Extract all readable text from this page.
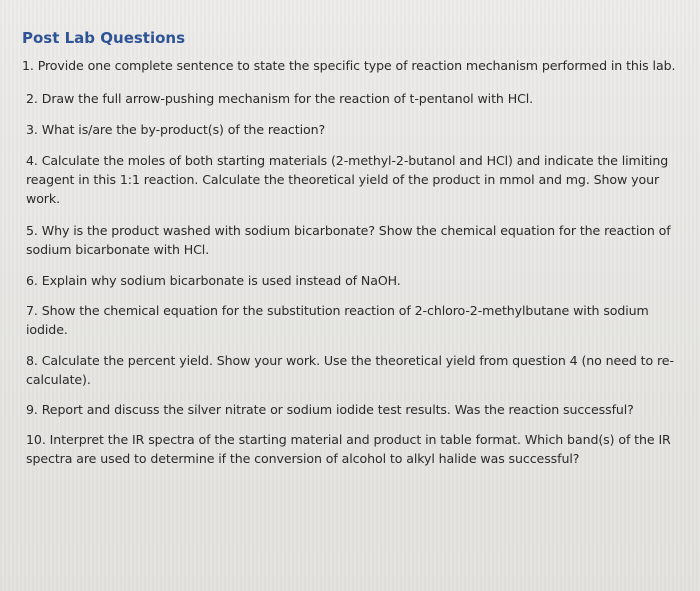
Post Lab Questions
1. Provide one complete sentence to state the specific type of reaction mechanism performed in this lab.
2. Draw the full arrow-pushing mechanism for the reaction of t-pentanol with HCl.
3. What is/are the by-product(s) of the reaction?
4. Calculate the moles of both starting materials (2-methyl-2-butanol and HCl) and indicate the limiting reagent in this 1:1 reaction. Calculate the theoretical yield of the product in mmol and mg. Show your work.
5. Why is the product washed with sodium bicarbonate? Show the chemical equation for the reaction of sodium bicarbonate with HCl.
6. Explain why sodium bicarbonate is used instead of NaOH.
7. Show the chemical equation for the substitution reaction of 2-chloro-2-methylbutane with sodium iodide.
8. Calculate the percent yield. Show your work. Use the theoretical yield from question 4 (no need to re-calculate).
9. Report and discuss the silver nitrate or sodium iodide test results. Was the reaction successful?
10. Interpret the IR spectra of the starting material and product in table format. Which band(s) of the IR spectra are used to determine if the conversion of alcohol to alkyl halide was successful?
